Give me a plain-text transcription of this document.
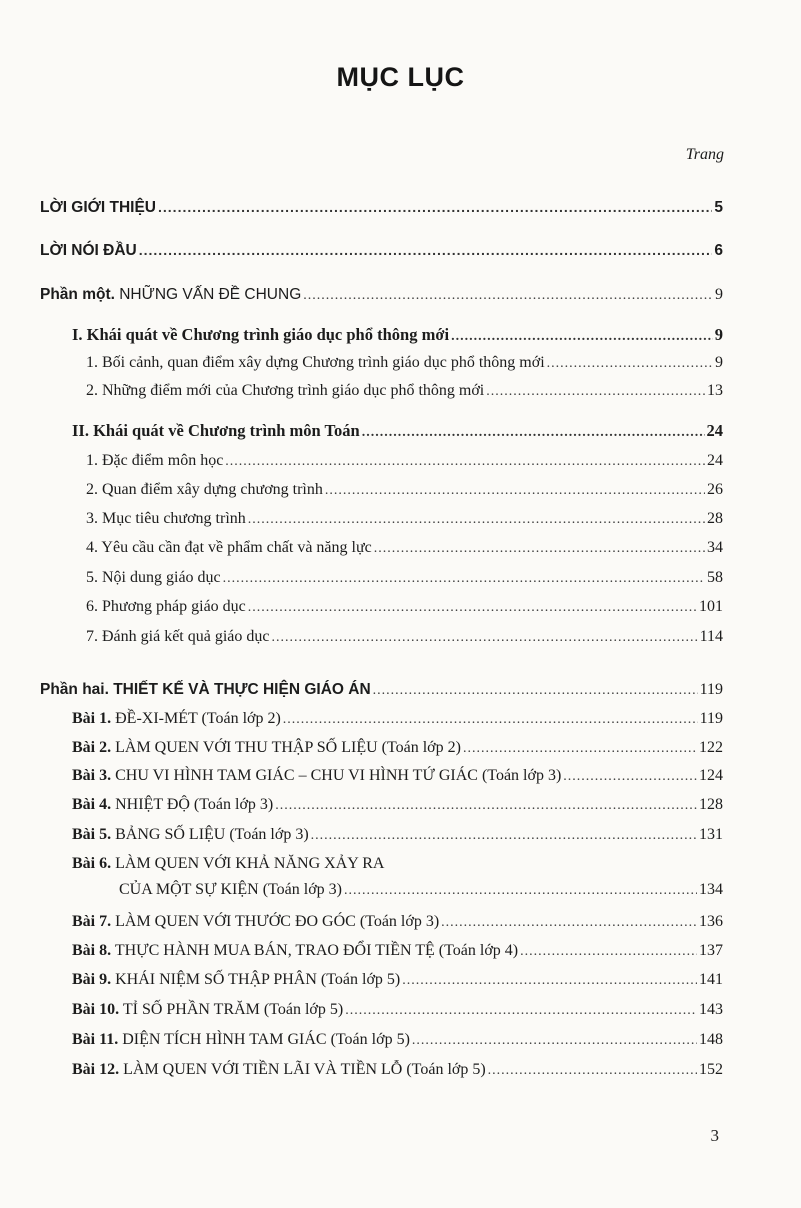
MỤC LỤC
Trang
LỜI GIỚI THIỆU .....	5
LỜI NÓI ĐẦU .....	6
Phần một. NHỮNG VẤN ĐỀ CHUNG .....	9
I. Khái quát về Chương trình giáo dục phổ thông mới .....	9
1. Bối cảnh, quan điểm xây dựng Chương trình giáo dục phổ thông mới .....	9
2. Những điểm mới của Chương trình giáo dục phổ thông mới .....	13
II. Khái quát về Chương trình môn Toán .....	24
1. Đặc điểm môn học .....	24
2. Quan điểm xây dựng chương trình .....	26
3. Mục tiêu chương trình .....	28
4. Yêu cầu cần đạt về phẩm chất và năng lực .....	34
5. Nội dung giáo dục .....	58
6. Phương pháp giáo dục .....	101
7. Đánh giá kết quả giáo dục .....	114
Phần hai. THIẾT KẾ VÀ THỰC HIỆN GIÁO ÁN .....	119
Bài 1. ĐỀ-XI-MÉT (Toán lớp 2) .....	119
Bài 2. LÀM QUEN VỚI THU THẬP SỐ LIỆU (Toán lớp 2) .....	122
Bài 3. CHU VI HÌNH TAM GIÁC – CHU VI HÌNH TỨ GIÁC (Toán lớp 3) .....	124
Bài 4. NHIỆT ĐỘ (Toán lớp 3) .....	128
Bài 5. BẢNG SỐ LIỆU (Toán lớp 3) .....	131
Bài 6. LÀM QUEN VỚI KHẢ NĂNG XẢY RA
CỦA MỘT SỰ KIỆN (Toán lớp 3) .....	134
Bài 7. LÀM QUEN VỚI THƯỚC ĐO GÓC (Toán lớp 3) .....	136
Bài 8. THỰC HÀNH MUA BÁN, TRAO ĐỔI TIỀN TỆ (Toán lớp 4) .....	137
Bài 9. KHÁI NIỆM SỐ THẬP PHÂN (Toán lớp 5) .....	141
Bài 10. TỈ SỐ PHẦN TRĂM (Toán lớp 5) .....	143
Bài 11. DIỆN TÍCH HÌNH TAM GIÁC (Toán lớp 5) .....	148
Bài 12. LÀM QUEN VỚI TIỀN LÃI VÀ TIỀN LỖ (Toán lớp 5) .....	152
3
